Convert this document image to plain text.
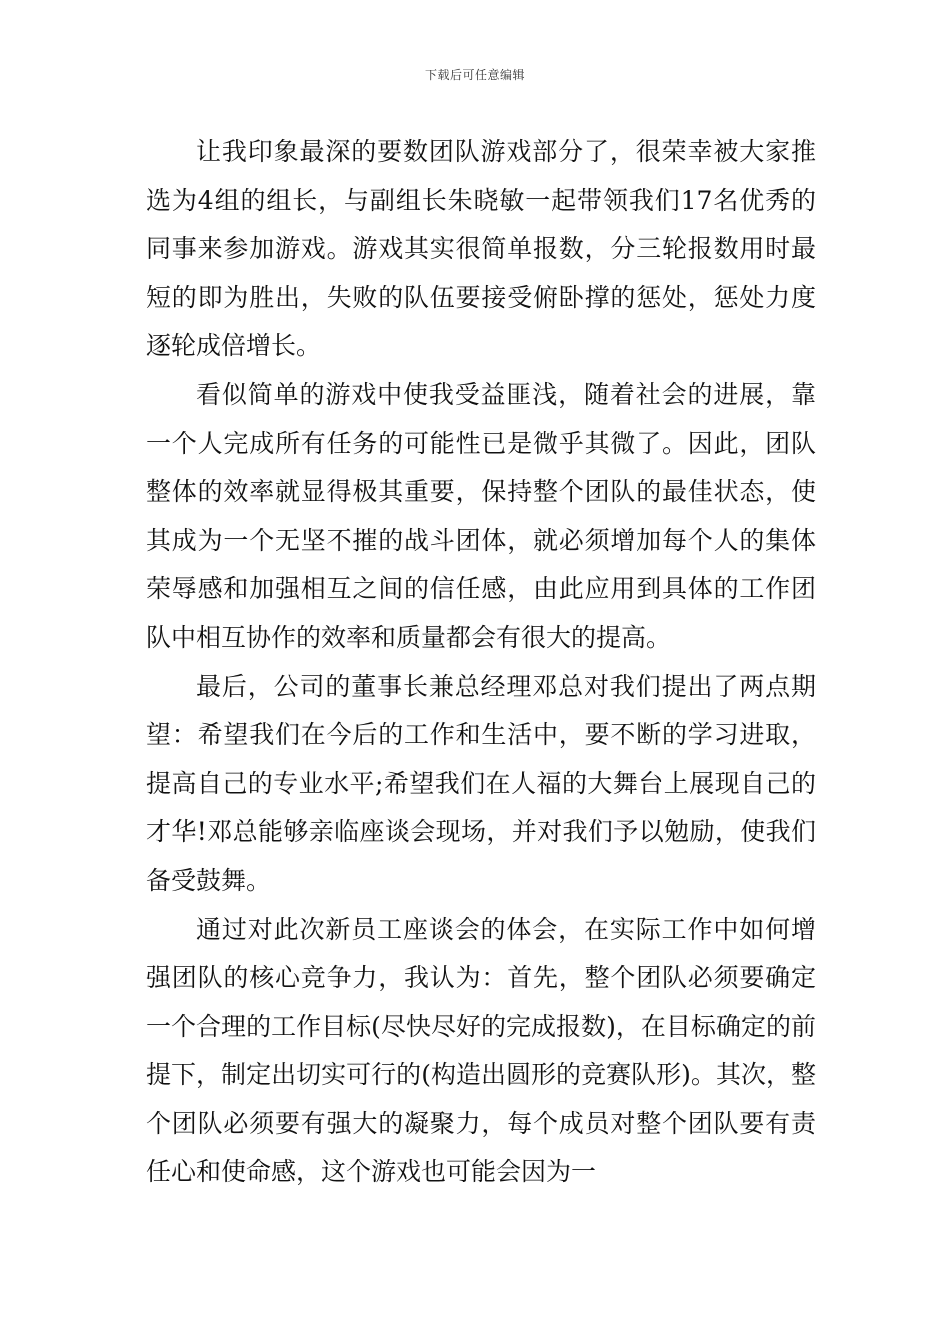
下载后可任意编辑

让我印象最深的要数团队游戏部分了，很荣幸被大家推选为4组的组长，与副组长朱晓敏一起带领我们17名优秀的同事来参加游戏。游戏其实很简单报数，分三轮报数用时最短的即为胜出，失败的队伍要接受俯卧撑的惩处，惩处力度逐轮成倍增长。

看似简单的游戏中使我受益匪浅，随着社会的进展，靠一个人完成所有任务的可能性已是微乎其微了。因此，团队整体的效率就显得极其重要，保持整个团队的最佳状态，使其成为一个无坚不摧的战斗团体，就必须增加每个人的集体荣辱感和加强相互之间的信任感，由此应用到具体的工作团队中相互协作的效率和质量都会有很大的提高。

最后，公司的董事长兼总经理邓总对我们提出了两点期望：希望我们在今后的工作和生活中，要不断的学习进取，提高自己的专业水平;希望我们在人福的大舞台上展现自己的才华!邓总能够亲临座谈会现场，并对我们予以勉励，使我们备受鼓舞。

通过对此次新员工座谈会的体会，在实际工作中如何增强团队的核心竞争力，我认为：首先，整个团队必须要确定一个合理的工作目标(尽快尽好的完成报数)，在目标确定的前提下，制定出切实可行的(构造出圆形的竞赛队形)。其次，整个团队必须要有强大的凝聚力，每个成员对整个团队要有责任心和使命感，这个游戏也可能会因为一
